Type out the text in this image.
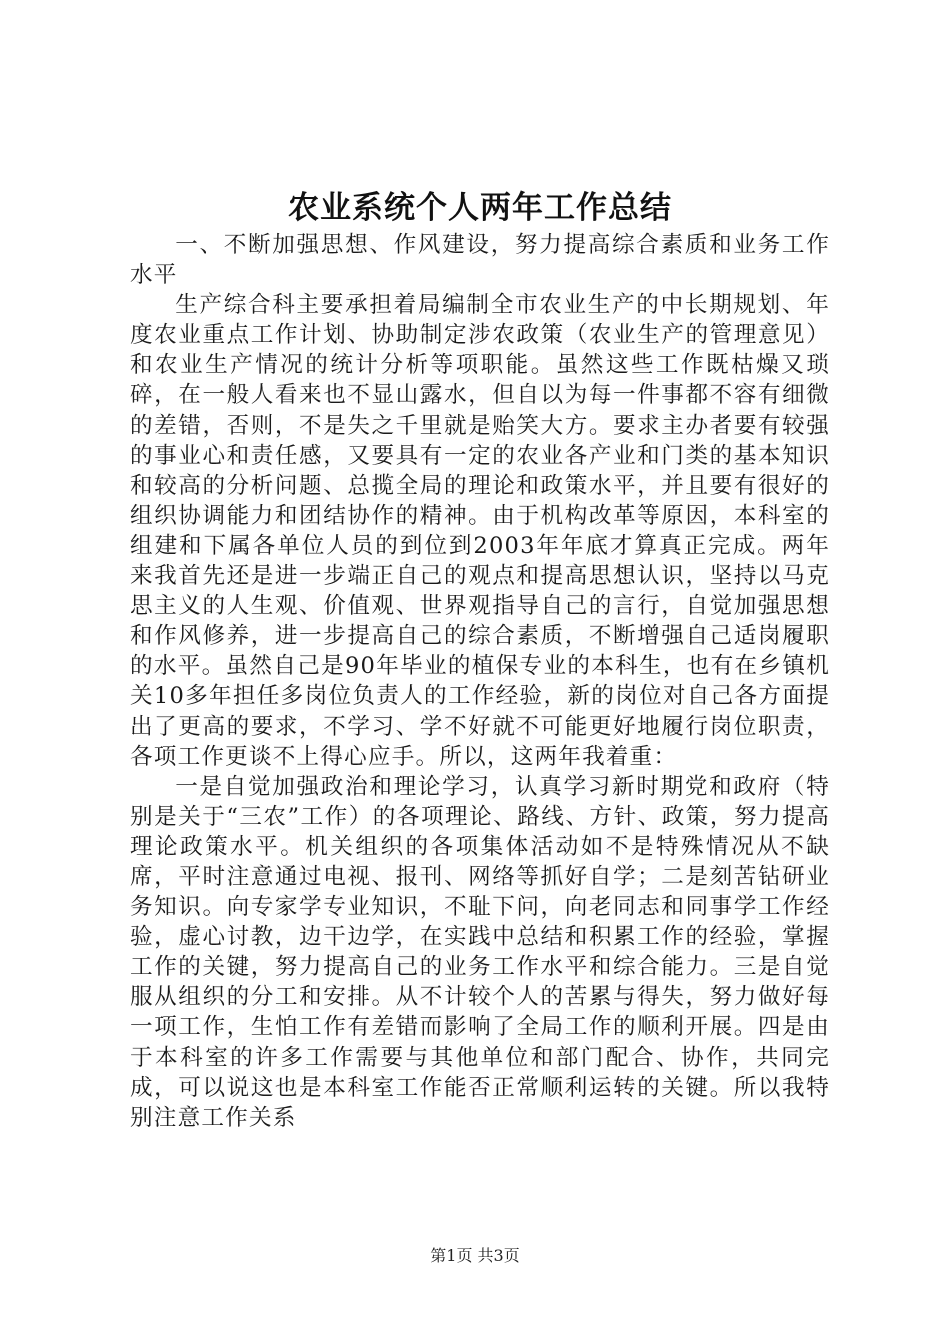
农业系统个人两年工作总结

一、不断加强思想、作风建设，努力提高综合素质和业务工作水平

生产综合科主要承担着局编制全市农业生产的中长期规划、年度农业重点工作计划、协助制定涉农政策（农业生产的管理意见）和农业生产情况的统计分析等项职能。虽然这些工作既枯燥又琐碎，在一般人看来也不显山露水，但自以为每一件事都不容有细微的差错，否则，不是失之千里就是贻笑大方。要求主办者要有较强的事业心和责任感，又要具有一定的农业各产业和门类的基本知识和较高的分析问题、总揽全局的理论和政策水平，并且要有很好的组织协调能力和团结协作的精神。由于机构改革等原因，本科室的组建和下属各单位人员的到位到2003年年底才算真正完成。两年来我首先还是进一步端正自己的观点和提高思想认识，坚持以马克思主义的人生观、价值观、世界观指导自己的言行，自觉加强思想和作风修养，进一步提高自己的综合素质，不断增强自己适岗履职的水平。虽然自己是90年毕业的植保专业的本科生，也有在乡镇机关10多年担任多岗位负责人的工作经验，新的岗位对自己各方面提出了更高的要求，不学习、学不好就不可能更好地履行岗位职责，各项工作更谈不上得心应手。所以，这两年我着重：

一是自觉加强政治和理论学习，认真学习新时期党和政府（特别是关于“三农”工作）的各项理论、路线、方针、政策，努力提高理论政策水平。机关组织的各项集体活动如不是特殊情况从不缺席，平时注意通过电视、报刊、网络等抓好自学；二是刻苦钻研业务知识。向专家学专业知识，不耻下问，向老同志和同事学工作经验，虚心讨教，边干边学，在实践中总结和积累工作的经验，掌握工作的关键，努力提高自己的业务工作水平和综合能力。三是自觉服从组织的分工和安排。从不计较个人的苦累与得失，努力做好每一项工作，生怕工作有差错而影响了全局工作的顺利开展。四是由于本科室的许多工作需要与其他单位和部门配合、协作，共同完成，可以说这也是本科室工作能否正常顺利运转的关键。所以我特别注意工作关系

第1页 共3页
